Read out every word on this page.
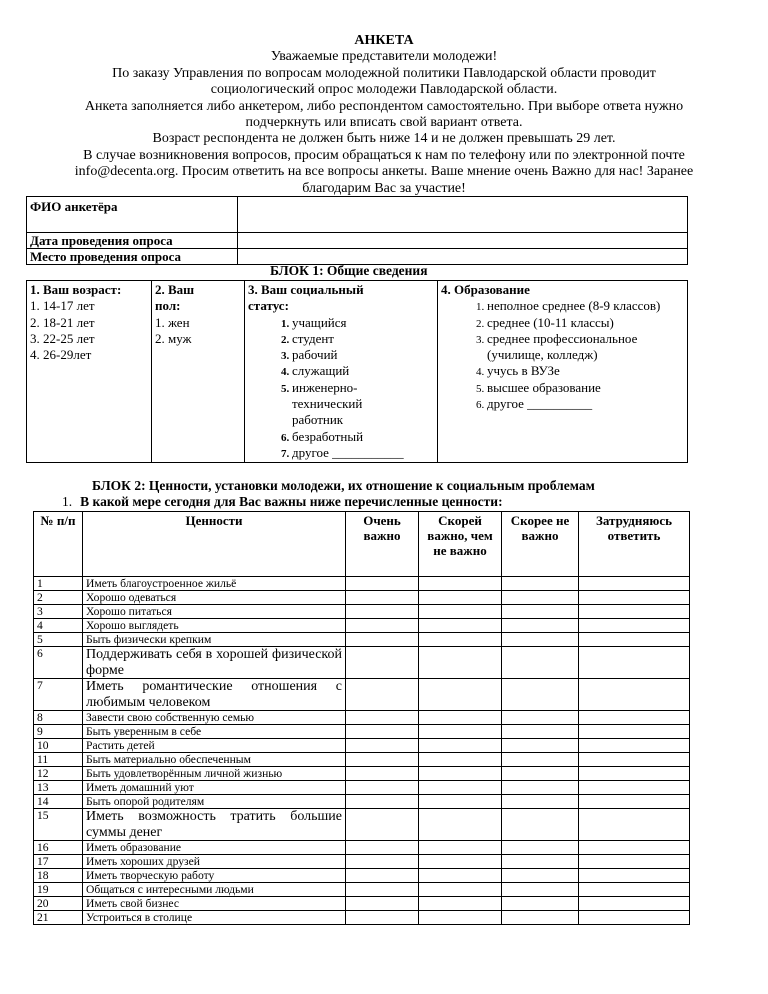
АНКЕТА
Уважаемые представители молодежи!
По заказу Управления по вопросам молодежной политики Павлодарской области проводит
социологический опрос молодежи Павлодарской области.
Анкета заполняется либо анкетером, либо респондентом самостоятельно. При выборе ответа нужно
подчеркнуть или вписать свой вариант ответа.
Возраст респондента не должен быть ниже 14 и не должен превышать 29 лет.
В случае возникновения вопросов, просим обращаться к нам по телефону или по электронной почте
info@decenta.org. Просим ответить на все вопросы анкеты. Ваше мнение очень Важно для нас! Заранее
благодарим Вас за участие!
ФИО анкетёра	
Дата проведения опроса	
Место проведения опроса	
БЛОК 1: Общие сведения
1. Ваш возраст:
1. 14-17 лет
2. 18-21 лет
3. 22-25 лет
4. 26-29лет

2. Ваш
пол:
1. жен
2. муж

3. Ваш социальный
статус:
1. учащийся
2. студент
3. рабочий
4. служащий
5. инженерно-технический работник
6. безработный
7. другое ___________

4. Образование
1. неполное среднее (8-9 классов)
2. среднее (10-11 классы)
3. среднее профессиональное (училище, колледж)
4. учусь в ВУЗе
5. высшее образование
6. другое __________
БЛОК 2: Ценности, установки молодежи, их отношение к социальным проблемам
1. В какой мере сегодня для Вас важны ниже перечисленные ценности:
№ п/п	Ценности	Очень важно	Скорей важно, чем не важно	Скорее не важно	Затрудняюсь ответить
1	Иметь благоустроенное жильё				
2	Хорошо одеваться				
3	Хорошо питаться				
4	Хорошо выглядеть				
5	Быть физически крепким				
6	Поддерживать себя в хорошей физической форме				
7	Иметь романтические отношения с любимым человеком				
8	Завести свою собственную семью				
9	Быть уверенным в себе				
10	Растить детей				
11	Быть материально обеспеченным				
12	Быть удовлетворённым личной жизнью				
13	Иметь домашний уют				
14	Быть опорой родителям				
15	Иметь возможность тратить большие суммы денег				
16	Иметь образование				
17	Иметь хороших друзей				
18	Иметь творческую работу				
19	Общаться с интересными людьми				
20	Иметь свой бизнес				
21	Устроиться в столице				
